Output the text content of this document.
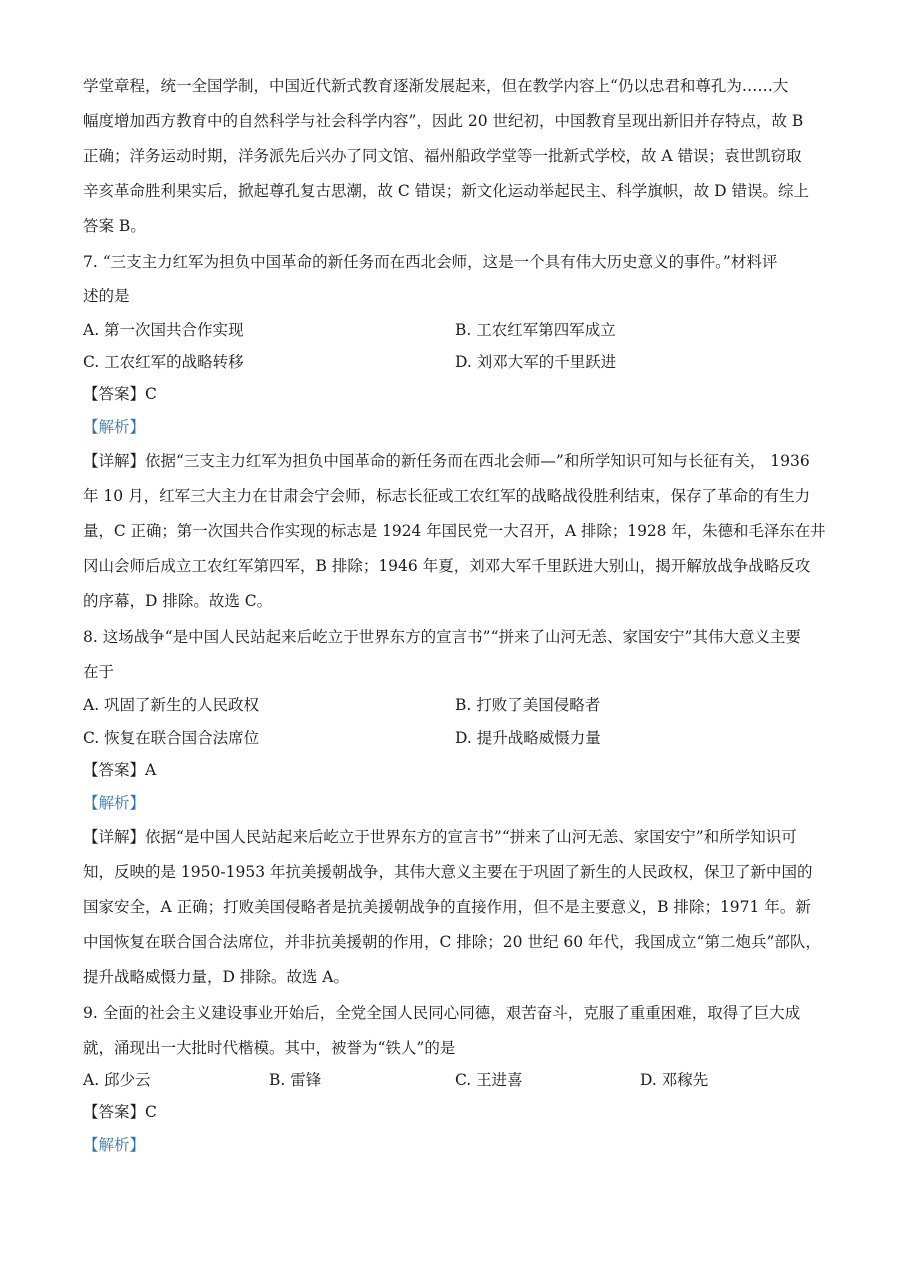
学堂章程，统一全国学制，中国近代新式教育逐渐发展起来，但在教学内容上“仍以忠君和尊孔为……大
幅度增加西方教育中的自然科学与社会科学内容”，因此 20 世纪初，中国教育呈现出新旧并存特点，故 B
正确；洋务运动时期，洋务派先后兴办了同文馆、福州船政学堂等一批新式学校，故 A 错误；袁世凯窃取
辛亥革命胜利果实后，掀起尊孔复古思潮，故 C 错误；新文化运动举起民主、科学旗帜，故 D 错误。综上
答案 B。
7. “三支主力红军为担负中国革命的新任务而在西北会师，这是一个具有伟大历史意义的事件。”材料评
述的是
A. 第一次国共合作实现	B. 工农红军第四军成立
C. 工农红军的战略转移	D. 刘邓大军的千里跃进
【答案】C
【解析】
【详解】依据“三支主力红军为担负中国革命的新任务而在西北会师—”和所学知识可知与长征有关， 1936
年 10 月，红军三大主力在甘肃会宁会师，标志长征或工农红军的战略战役胜利结束，保存了革命的有生力
量，C 正确；第一次国共合作实现的标志是 1924 年国民党一大召开，A 排除；1928 年，朱德和毛泽东在井
冈山会师后成立工农红军第四军，B 排除；1946 年夏，刘邓大军千里跃进大别山，揭开解放战争战略反攻
的序幕，D 排除。故选 C。
8. 这场战争“是中国人民站起来后屹立于世界东方的宣言书”“拼来了山河无恙、家国安宁”其伟大意义主要
在于
A. 巩固了新生的人民政权	B. 打败了美国侵略者
C. 恢复在联合国合法席位	D. 提升战略威慑力量
【答案】A
【解析】
【详解】依据“是中国人民站起来后屹立于世界东方的宣言书”“拼来了山河无恙、家国安宁”和所学知识可
知，反映的是 1950-1953 年抗美援朝战争，其伟大意义主要在于巩固了新生的人民政权，保卫了新中国的
国家安全，A 正确；打败美国侵略者是抗美援朝战争的直接作用，但不是主要意义，B 排除；1971 年。新
中国恢复在联合国合法席位，并非抗美援朝的作用，C 排除；20 世纪 60 年代，我国成立“第二炮兵”部队，
提升战略威慑力量，D 排除。故选 A。
9. 全面的社会主义建设事业开始后，全党全国人民同心同德，艰苦奋斗，克服了重重困难，取得了巨大成
就，涌现出一大批时代楷模。其中，被誉为“铁人”的是
A. 邱少云	B. 雷锋	C. 王进喜	D. 邓稼先
【答案】C
【解析】
